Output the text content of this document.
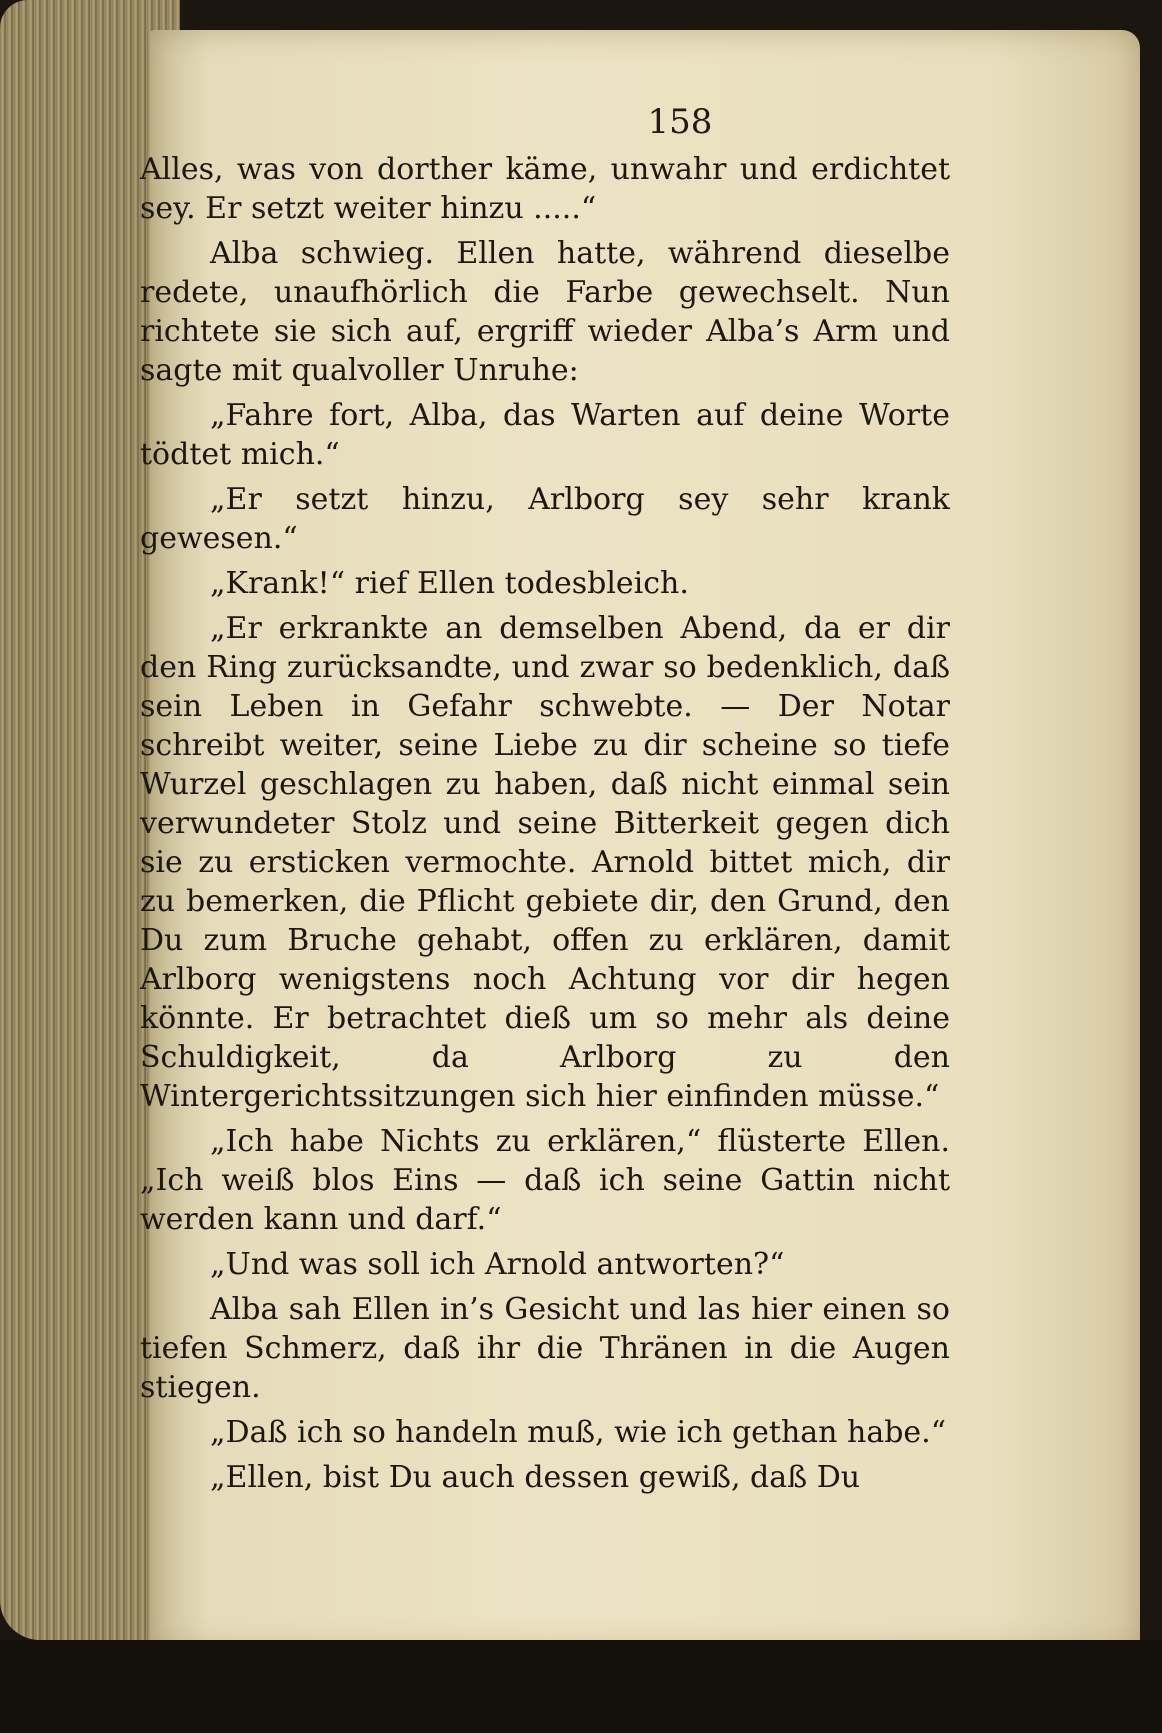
158

Alles, was von dorther käme, unwahr und erdichtet sey. Er setzt weiter hinzu .....“

Alba schwieg. Ellen hatte, während dieselbe redete, unaufhörlich die Farbe gewechselt. Nun richtete sie sich auf, ergriff wieder Alba’s Arm und sagte mit qualvoller Unruhe:

„Fahre fort, Alba, das Warten auf deine Worte tödtet mich.“

„Er setzt hinzu, Arlborg sey sehr krank gewesen.“

„Krank!“ rief Ellen todesbleich.

„Er erkrankte an demselben Abend, da er dir den Ring zurücksandte, und zwar so bedenklich, daß sein Leben in Gefahr schwebte. — Der Notar schreibt weiter, seine Liebe zu dir scheine so tiefe Wurzel geschlagen zu haben, daß nicht einmal sein verwundeter Stolz und seine Bitterkeit gegen dich sie zu ersticken vermochte. Arnold bittet mich, dir zu bemerken, die Pflicht gebiete dir, den Grund, den Du zum Bruche gehabt, offen zu erklären, damit Arlborg wenigstens noch Achtung vor dir hegen könnte. Er betrachtet dieß um so mehr als deine Schuldigkeit, da Arlborg zu den Wintergerichtssitzungen sich hier einfinden müsse.“

„Ich habe Nichts zu erklären,“ flüsterte Ellen. „Ich weiß blos Eins — daß ich seine Gattin nicht werden kann und darf.“

„Und was soll ich Arnold antworten?“

Alba sah Ellen in’s Gesicht und las hier einen so tiefen Schmerz, daß ihr die Thränen in die Augen stiegen.

„Daß ich so handeln muß, wie ich gethan habe.“

„Ellen, bist Du auch dessen gewiß, daß Du
